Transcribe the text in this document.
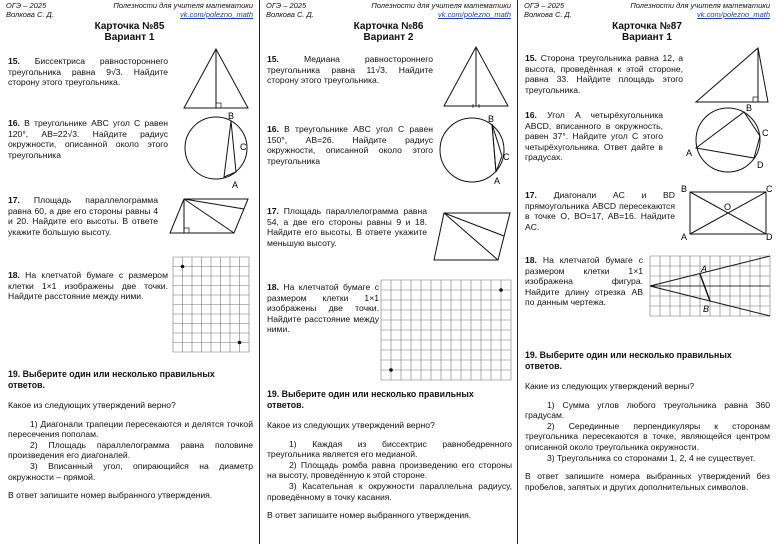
ОГЭ – 2025
Волкова С. Д.
Полезности для учителя математики
vk.com/polezno_math
Карточка №85
Вариант 1
15. Биссектриса равностороннего треугольника равна 9√3. Найдите сторону этого треугольника.
16. В треугольнике ABC угол C равен 120°, AB=22√3. Найдите радиус окружности, описанной около этого треугольника
B
C
A
17. Площадь параллелограмма равна 60, а две его стороны равны 4 и 20. Найдите его высоты. В ответе укажите большую высоту.
18. На клетчатой бумаге с размером клетки 1×1 изображены две точки. Найдите расстояние между ними.
19. Выберите один или несколько правильных ответов.

Какое из следующих утверждений верно?

1) Диагонали трапеции пересекаются и делятся точкой пересечения пополам.

2) Площадь параллелограмма равна половине произведения его диагоналей.

3) Вписанный угол, опирающийся на диаметр окружности – прямой.

В ответ запишите номер выбранного утверждения.

ОГЭ – 2025
Волкова С. Д.
Полезности для учителя математики
vk.com/polezno_math
Карточка №86
Вариант 2
15.	Медиана равностороннего треугольника равна 11√3. Найдите сторону этого треугольника.
16. В треугольнике ABC угол C равен 150°, AB=26. Найдите радиус окружности, описанной около этого треугольника
B
C
A
17. Площадь параллелограмма равна 54, а две его стороны равны 9 и 18. Найдите его высоты. В ответе укажите меньшую высоту.
18. На клетчатой бумаге с размером клетки 1×1 изображены две точки. Найдите расстояние между ними.
19. Выберите один или несколько правильных ответов.

Какое из следующих утверждений верно?

1) Каждая из биссектрис равнобедренного треугольника является его медианой.

2) Площадь ромба равна произведению его стороны на высоту, проведённую к этой стороне.

3) Касательная к окружности параллельна радиусу, проведённому в точку касания.

В ответ запишите номер выбранного утверждения.

ОГЭ – 2025
Волкова С. Д.
Полезности для учителя математики
vk.com/polezno_math
Карточка №87
Вариант 1
15. Сторона треугольника равна 12, а высота, проведённая к этой стороне, равна 33. Найдите площадь этого треугольника.
16. Угол A четырёхугольника ABCD, вписанного в окружность, равен 37°. Найдите угол C этого четырёхугольника. Ответ дайте в градусах.	A
B
C
D
17. Диагонали AC и BD прямоугольника ABCD пересекаются в точке O, BO=17, AB=16. Найдите AC.
B	C
A	D
O
18. На клетчатой бумаге с размером клетки 1×1 изображена фигура. Найдите длину отрезка AB по данным чертежа.
A
B
19. Выберите один или несколько правильных ответов.

Какие из следующих утверждений верны?

1) Сумма углов любого треугольника равна 360 градусам.

2) Серединные перпендикуляры к сторонам треугольника пересекаются в точке, являющейся центром описанной около треугольника окружности.

3) Треугольника со сторонами 1, 2, 4 не существует.

В ответ запишите номера выбранных утверждений без пробелов, запятых и других дополнительных символов.
